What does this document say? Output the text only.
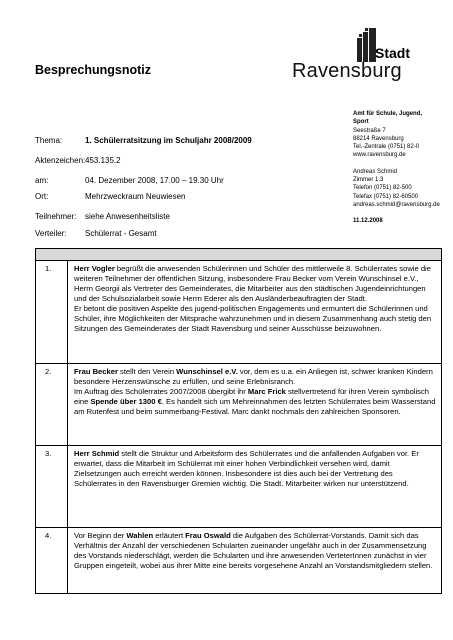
Stadt
Ravensburg
Besprechungsnotiz
Amt für Schule, Jugend,
Sport
Seestraße 7
88214 Ravensburg
Tel.-Zentrale (0751) 82-0
www.ravensburg.de
Andreas Schmid
Zimmer 1.3
Telefon (0751) 82-500
Telefax (0751) 82-60500
andreas.schmid@ravensburg.de
11.12.2008
Thema:	1. Schülerratsitzung im Schuljahr 2008/2009
Aktenzeichen: 453.135.2
am:	04. Dezember 2008, 17.00 – 19.30 Uhr
Ort:	Mehrzweckraum Neuwiesen
Teilnehmer: siehe Anwesenheitsliste
Verteiler: Schülerrat - Gesamt

1.	Herr Vogler begrüßt die anwesenden Schülerinnen und Schüler des mittlerweile 8. Schülerrates sowie die weiteren Teilnehmer der öffentlichen Sitzung, insbesondere Frau Becker vom Verein Wunschinsel e.V., Herrn Georgii als Vertreter des Gemeinderates, die Mitarbeiter aus den städtischen Jugendeinrichtungen und der Schulsozialarbeit sowie Herrn Ederer als den Ausländerbeauftragten der Stadt.

Er betont die positiven Aspekte des jugend-politischen Engagements und ermuntert die Schülerinnen und Schüler, ihre Möglichkeiten der Mitsprache wahrzunehmen und in diesem Zusammenhang auch stetig den Sitzungen des Gemeinderates der Stadt Ravensburg und seiner Ausschüsse beizuwohnen.

2.	Frau Becker stellt den Verein Wunschinsel e.V. vor, dem es u.a. ein Anliegen ist, schwer kranken Kindern besondere Herzenswünsche zu erfüllen, und seine Erlebnisranch.

Im Auftrag des Schülerrates 2007/2008 übergibt ihr Marc Frick stellvertretend für ihren Verein symbolisch eine Spende über 1300 €. Es handelt sich um Mehreinnahmen des letzten Schülerrates beim Wasserstand am Rutenfest und beim summerbang-Festival. Marc dankt nochmals den zahlreichen Sponsoren.

3.	Herr Schmid stellt die Struktur und Arbeitsform des Schülerrates und die anfallenden Aufgaben vor. Er erwartet, dass die Mitarbeit im Schülerrat mit einer hohen Verbindlichkeit versehen wird, damit Zielsetzungen auch erreicht werden können. Insbesondere ist dies auch bei der Vertretung des Schülerrates in den Ravensburger Gremien wichtig. Die Stadt. Mitarbeiter wirken nur unterstützend.

4.	Vor Beginn der Wahlen erläutert Frau Oswald die Aufgaben des Schülerrat-Vorstands. Damit sich das Verhältnis der Anzahl der verschiedenen Schularten zueinander ungefähr auch in der Zusammensetzung des Vorstands niederschlägt, werden die Schularten und ihre anwesenden VerteterInnen zunächst in vier Gruppen eingeteilt, wobei aus ihrer Mitte eine bereits vorgesehene Anzahl an Vorstandsmitgliedern stellen.
